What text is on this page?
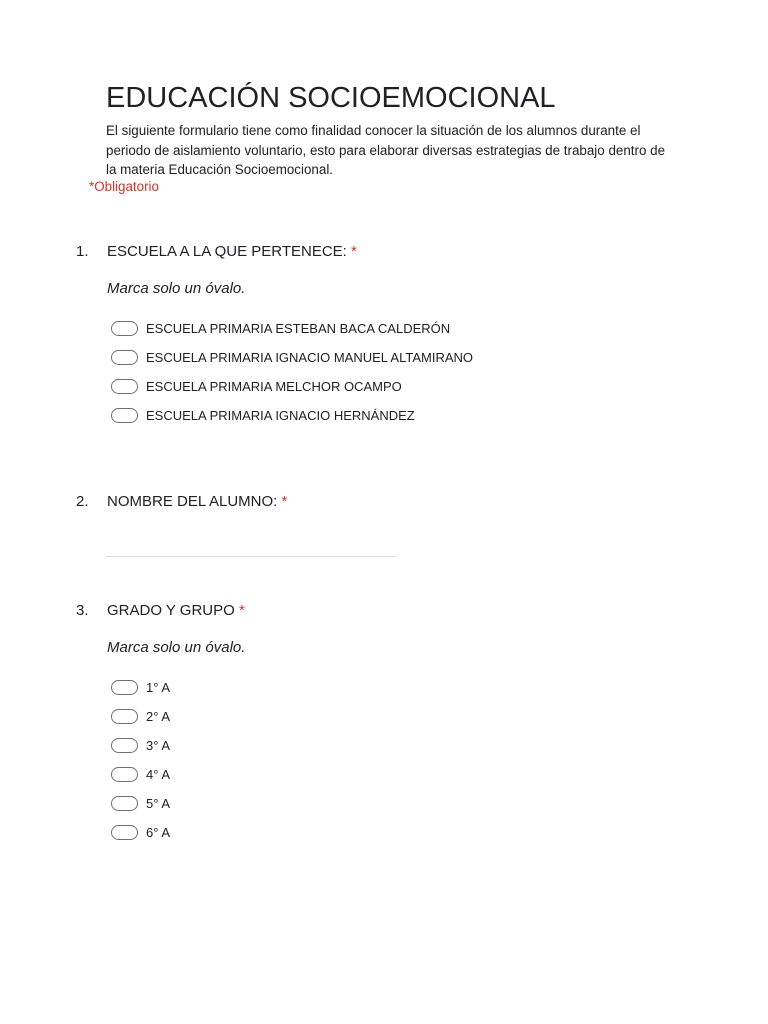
EDUCACIÓN SOCIOEMOCIONAL

El siguiente formulario tiene como finalidad conocer la situación de los alumnos durante el periodo de aislamiento voluntario, esto para elaborar diversas estrategias de trabajo dentro de la materia Educación Socioemocional.

*Obligatorio

1. ESCUELA A LA QUE PERTENECE: *
Marca solo un óvalo.
ESCUELA PRIMARIA ESTEBAN BACA CALDERÓN
ESCUELA PRIMARIA IGNACIO MANUEL ALTAMIRANO
ESCUELA PRIMARIA MELCHOR OCAMPO
ESCUELA PRIMARIA IGNACIO HERNÁNDEZ
2. NOMBRE DEL ALUMNO: *
3. GRADO Y GRUPO *
Marca solo un óvalo.
1° A
2° A
3° A
4° A
5° A
6° A
